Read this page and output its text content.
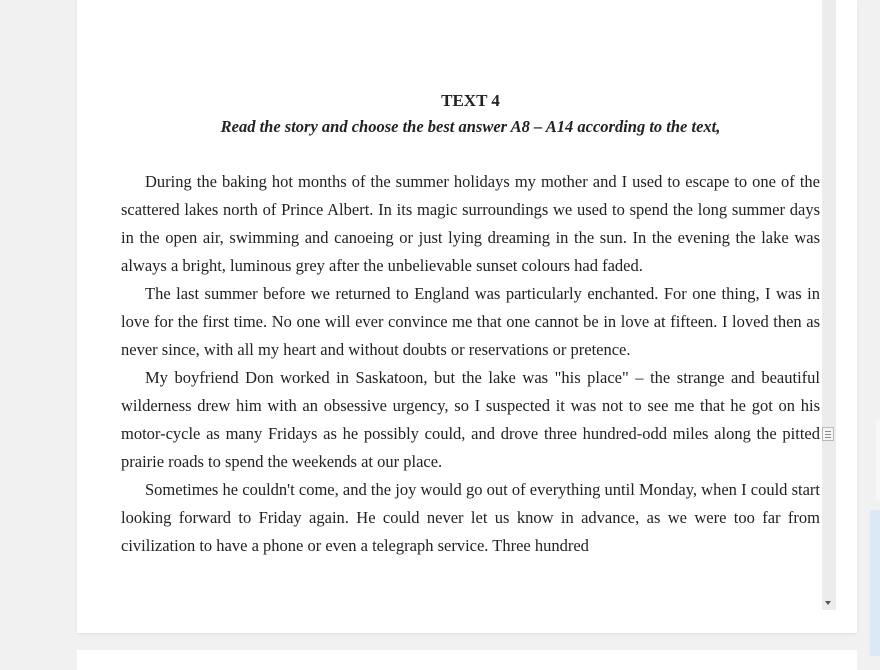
TEXT 4

Read the story and choose the best answer A8 – A14 according to the text,

During the baking hot months of the summer holidays my mother and I used to escape to one of the scattered lakes north of Prince Albert. In its magic surroundings we used to spend the long summer days in the open air, swimming and canoeing or just lying dreaming in the sun. In the evening the lake was always a bright, luminous grey after the unbelievable sunset colours had faded.

The last summer before we returned to England was particularly enchanted. For one thing, I was in love for the first time. No one will ever convince me that one cannot be in love at fifteen. I loved then as never since, with all my heart and without doubts or reservations or pretence.

My boyfriend Don worked in Saskatoon, but the lake was "his place" – the strange and beautiful wilderness drew him with an obsessive urgency, so I suspected it was not to see me that he got on his motor-cycle as many Fridays as he possibly could, and drove three hundred-odd miles along the pitted prairie roads to spend the weekends at our place.

Sometimes he couldn't come, and the joy would go out of everything until Monday, when I could start looking forward to Friday again. He could never let us know in advance, as we were too far from civilization to have a phone or even a telegraph service. Three hundred
